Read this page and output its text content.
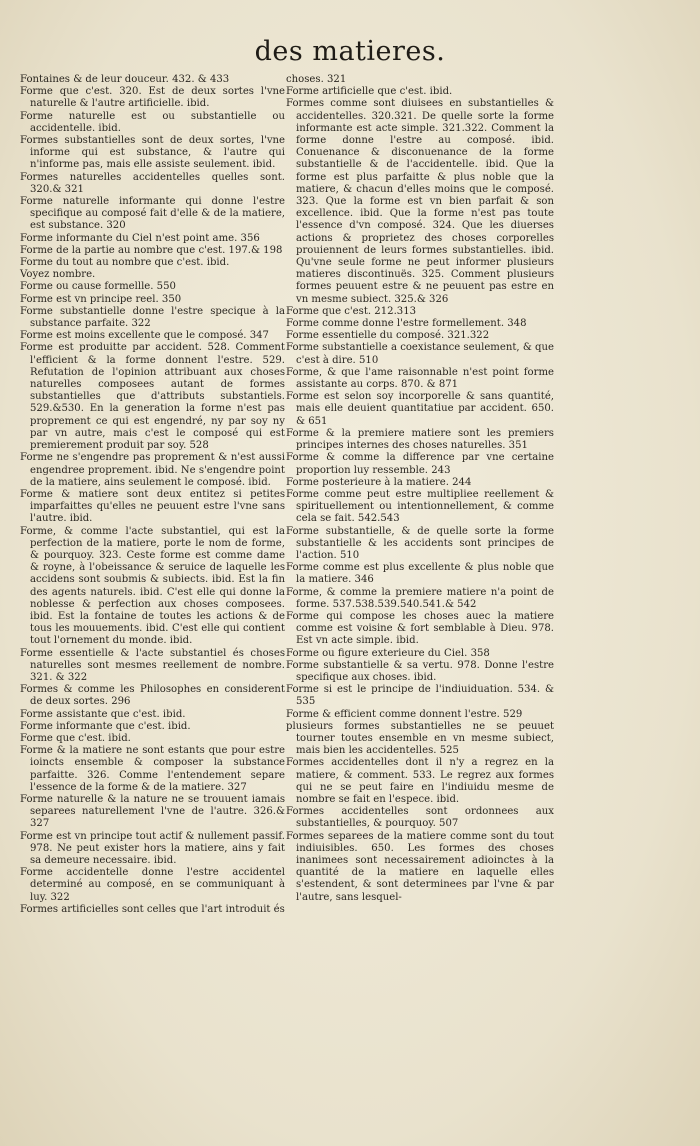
des matieres.

Fontaines & de leur douceur. 432. & 433

Forme que c'est. 320. Est de deux sortes l'vne naturelle & l'autre artificielle. ibid.

Forme naturelle est ou substantielle ou accidentelle. ibid.

Formes substantielles sont de deux sortes, l'vne informe qui est substance, & l'autre qui n'informe pas, mais elle assiste seulement. ibid.

Formes naturelles accidentelles quelles sont. 320.& 321

Forme naturelle informante qui donne l'estre specifique au composé fait d'elle & de la matiere, est substance. 320

Forme informante du Ciel n'est point ame. 356

Forme de la partie au nombre que c'est. 197.& 198

Forme du tout au nombre que c'est. ibid.

Voyez nombre.

Forme ou cause formellle. 550

Forme est vn principe reel. 350

Forme substantielle donne l'estre specique à la substance parfaite. 322

Forme est moins excellente que le composé. 347

Forme est produitte par accident. 528. Comment l'efficient & la forme donnent l'estre. 529. Refutation de l'opinion attribuant aux choses naturelles composees autant de formes substantielles que d'attributs substantiels. 529.&530. En la generation la forme n'est pas proprement ce qui est engendré, ny par soy ny par vn autre, mais c'est le composé qui est premierement produit par soy. 528

Forme ne s'engendre pas proprement & n'est aussi engendree proprement. ibid. Ne s'engendre point de la matiere, ains seulement le composé. ibid.

Forme & matiere sont deux entitez si petites imparfaittes qu'elles ne peuuent estre l'vne sans l'autre. ibid.

Forme, & comme l'acte substantiel, qui est la perfection de la matiere, porte le nom de forme, & pourquoy. 323. Ceste forme est comme dame & royne, à l'obeissance & seruice de laquelle les accidens sont soubmis & subiects. ibid. Est la fin des agents naturels. ibid. C'est elle qui donne la noblesse & perfection aux choses composees. ibid. Est la fontaine de toutes les actions & de tous les mouuements. ibid. C'est elle qui contient tout l'ornement du monde. ibid.

Forme essentielle & l'acte substantiel és choses naturelles sont mesmes reellement de nombre. 321. & 322

Formes & comme les Philosophes en considerent de deux sortes. 296

Forme assistante que c'est. ibid.

Forme informante que c'est. ibid.

Forme que c'est. ibid.

Forme & la matiere ne sont estants que pour estre ioincts ensemble & composer la substance parfaitte. 326. Comme l'entendement separe l'essence de la forme & de la matiere. 327

Forme naturelle & la nature ne se trouuent iamais separees naturellement l'vne de l'autre. 326.& 327

Forme est vn principe tout actif & nullement passif. 978. Ne peut exister hors la matiere, ains y fait sa demeure necessaire. ibid.

Forme accidentelle donne l'estre accidentel determiné au composé, en se communiquant à luy. 322

Formes artificielles sont celles que l'art introduit és

choses. 321

Forme artificielle que c'est. ibid.

Formes comme sont diuisees en substantielles & accidentelles. 320.321. De quelle sorte la forme informante est acte simple. 321.322. Comment la forme donne l'estre au composé. ibid. Conuenance & disconuenance de la forme substantielle & de l'accidentelle. ibid. Que la forme est plus parfaitte & plus noble que la matiere, & chacun d'elles moins que le composé. 323. Que la forme est vn bien parfait & son excellence. ibid. Que la forme n'est pas toute l'essence d'vn composé. 324. Que les diuerses actions & proprietez des choses corporelles prouiennent de leurs formes substantielles. ibid. Qu'vne seule forme ne peut informer plusieurs matieres discontinuës. 325. Comment plusieurs formes peuuent estre & ne peuuent pas estre en vn mesme subiect. 325.& 326

Forme que c'est. 212.313

Forme comme donne l'estre formellement. 348

Forme essentielle du composé. 321.322

Forme substantielle a coexistance seulement, & que c'est à dire. 510

Forme, & que l'ame raisonnable n'est point forme assistante au corps. 870. & 871

Forme est selon soy incorporelle & sans quantité, mais elle deuient quantitatiue par accident. 650. & 651

Forme & la premiere matiere sont les premiers principes internes des choses naturelles. 351

Forme & comme la difference par vne certaine proportion luy ressemble. 243

Forme posterieure à la matiere. 244

Forme comme peut estre multipliee reellement & spirituellement ou intentionnellement, & comme cela se fait. 542.543

Forme substantielle, & de quelle sorte la forme substantielle & les accidents sont principes de l'action. 510

Forme comme est plus excellente & plus noble que la matiere. 346

Forme, & comme la premiere matiere n'a point de forme. 537.538.539.540.541.& 542

Forme qui compose les choses auec la matiere comme est voisine & fort semblable à Dieu. 978. Est vn acte simple. ibid.

Forme ou figure exterieure du Ciel. 358

Forme substantielle & sa vertu. 978. Donne l'estre specifique aux choses. ibid.

Forme si est le principe de l'indiuiduation. 534. & 535

Forme & efficient comme donnent l'estre. 529

plusieurs formes substantielles ne se peuuet tourner toutes ensemble en vn mesme subiect, mais bien les accidentelles. 525

Formes accidentelles dont il n'y a regrez en la matiere, & comment. 533. Le regrez aux formes qui ne se peut faire en l'indiuidu mesme de nombre se fait en l'espece. ibid.

Formes accidentelles sont ordonnees aux substantielles, & pourquoy. 507

Formes separees de la matiere comme sont du tout indiuisibles. 650. Les formes des choses inanimees sont necessairement adioinctes à la quantité de la matiere en laquelle elles s'estendent, & sont determinees par l'vne & par l'autre, sans lesquel-
